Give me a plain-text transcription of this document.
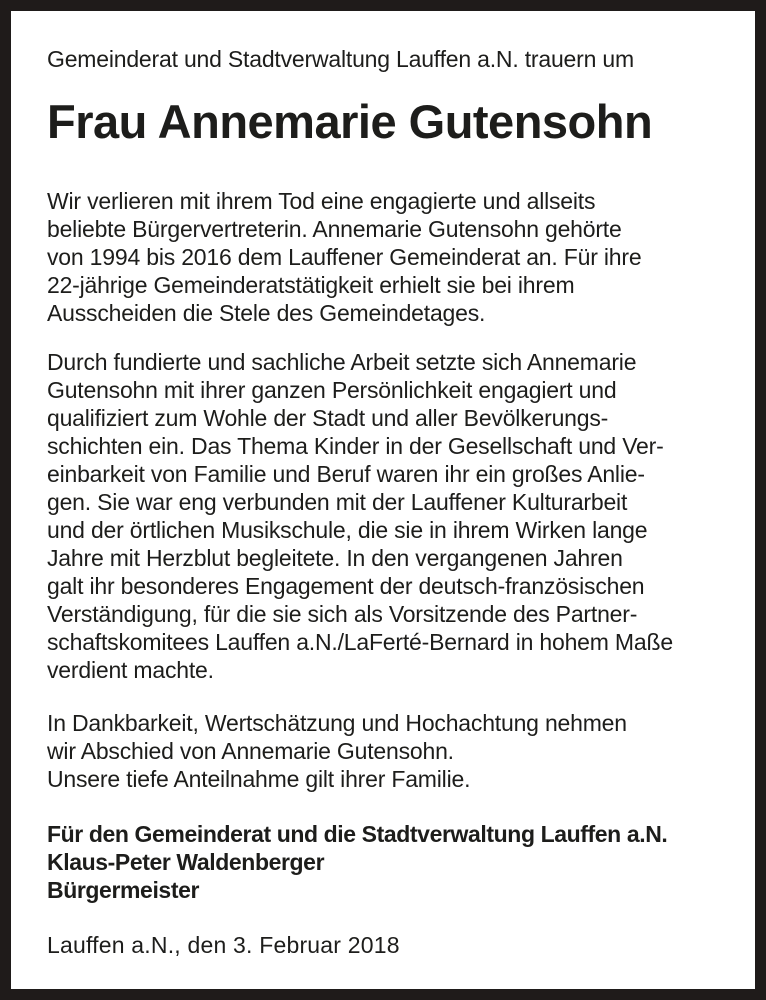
Gemeinderat und Stadtverwaltung Lauffen a.N. trauern um
Frau Annemarie Gutensohn
Wir verlieren mit ihrem Tod eine engagierte und allseits
beliebte Bürgervertreterin. Annemarie Gutensohn gehörte
von 1994 bis 2016 dem Lauffener Gemeinderat an. Für ihre
22-jährige Gemeinderatstätigkeit erhielt sie bei ihrem
Ausscheiden die Stele des Gemeindetages.
Durch fundierte und sachliche Arbeit setzte sich Annemarie
Gutensohn mit ihrer ganzen Persönlichkeit engagiert und
qualifiziert zum Wohle der Stadt und aller Bevölkerungs-
schichten ein. Das Thema Kinder in der Gesellschaft und Ver-
einbarkeit von Familie und Beruf waren ihr ein großes Anlie-
gen. Sie war eng verbunden mit der Lauffener Kulturarbeit
und der örtlichen Musikschule, die sie in ihrem Wirken lange
Jahre mit Herzblut begleitete. In den vergangenen Jahren
galt ihr besonderes Engagement der deutsch-französischen
Verständigung, für die sie sich als Vorsitzende des Partner-
schaftskomitees Lauffen a.N./LaFerté-Bernard in hohem Maße
verdient machte.
In Dankbarkeit, Wertschätzung und Hochachtung nehmen
wir Abschied von Annemarie Gutensohn.
Unsere tiefe Anteilnahme gilt ihrer Familie.
Für den Gemeinderat und die Stadtverwaltung Lauffen a.N.
Klaus-Peter Waldenberger
Bürgermeister
Lauffen a.N., den 3. Februar 2018
